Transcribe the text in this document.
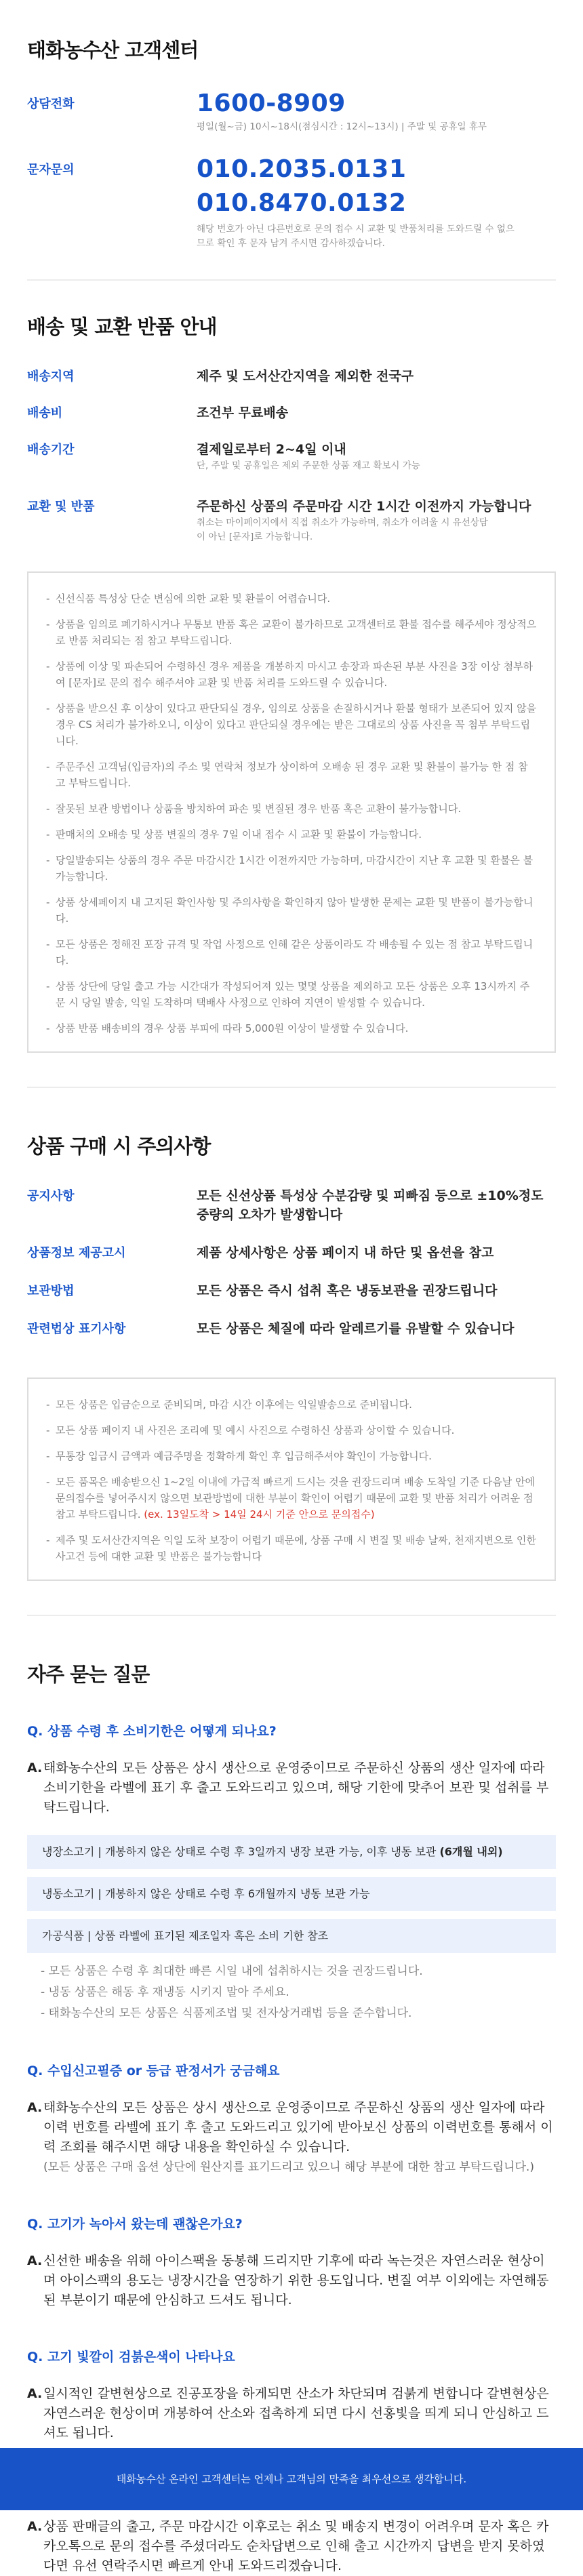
태화농수산 고객센터
상담전화	1600-8909
평일(월~금) 10시~18시(점심시간 : 12시~13시) | 주말 및 공휴일 휴무
문자문의	010.2035.0131
010.8470.0132
해당 번호가 아닌 다른번호로 문의 접수 시 교환 및 반품처리를 도와드릴 수 없으므로 확인 후 문자 남겨 주시면 감사하겠습니다.
배송 및 교환 반품 안내
배송지역	제주 및 도서산간지역을 제외한 전국구
배송비	조건부 무료배송
배송기간	결제일로부터 2~4일 이내
단, 주말 및 공휴일은 제외 주문한 상품 재고 확보시 가능
교환 및 반품	주문하신 상품의 주문마감 시간 1시간 이전까지 가능합니다
취소는 마이페이지에서 직접 취소가 가능하며, 취소가 어려울 시 유선상담이 아닌 [문자]로 가능합니다.
- 신선식품 특성상 단순 변심에 의한 교환 및 환불이 어렵습니다.
- 상품을 임의로 폐기하시거나 무통보 반품 혹은 교환이 불가하므로 고객센터로 환불 접수를 해주세야 정상적으로 반품 처리되는 점 참고 부탁드립니다.
- 상품에 이상 및 파손되어 수령하신 경우 제품을 개봉하지 마시고 송장과 파손된 부분 사진을 3장 이상 첨부하여 [문자]로 문의 접수 해주셔야 교환 및 반품 처리를 도와드릴 수 있습니다.
- 상품을 받으신 후 이상이 있다고 판단되실 경우, 임의로 상품을 손질하시거나 환불 형태가 보존되어 있지 않을 경우 CS 처리가 불가하오니, 이상이 있다고 판단되실 경우에는 받은 그대로의 상품 사진을 꼭 첨부 부탁드립니다.
- 주문주신 고객님(입금자)의 주소 및 연락처 정보가 상이하여 오배송 된 경우 교환 및 환불이 불가능 한 점 참고 부탁드립니다.
- 잘못된 보관 방법이나 상품을 방치하여 파손 및 변질된 경우 반품 혹은 교환이 불가능합니다.
- 판매처의 오배송 및 상품 변질의 경우 7일 이내 접수 시 교환 및 환불이 가능합니다.
- 당일발송되는 상품의 경우 주문 마감시간 1시간 이전까지만 가능하며, 마감시간이 지난 후 교환 및 환불은 불가능합니다.
- 상품 상세페이지 내 고지된 확인사항 및 주의사항을 확인하지 않아 발생한 문제는 교환 및 반품이 불가능합니다.
- 모든 상품은 정해진 포장 규격 및 작업 사정으로 인해 같은 상품이라도 각 배송될 수 있는 점 참고 부탁드립니다.
- 상품 상단에 당일 출고 가능 시간대가 작성되어져 있는 몇몇 상품을 제외하고 모든 상품은 오후 13시까지 주문 시 당일 발송, 익일 도착하며 택배사 사정으로 인하여 지연이 발생할 수 있습니다.
- 상품 반품 배송비의 경우 상품 부피에 따라 5,000원 이상이 발생할 수 있습니다.
상품 구매 시 주의사항
공지사항	모든 신선상품 특성상 수분감량 및 피빠짐 등으로 ±10%정도 중량의 오차가 발생합니다
상품정보 제공고시	제품 상세사항은 상품 페이지 내 하단 및 옵션을 참고
보관방법	모든 상품은 즉시 섭취 혹은 냉동보관을 권장드립니다
관련법상 표기사항	모든 상품은 체질에 따라 알레르기를 유발할 수 있습니다
- 모든 상품은 입금순으로 준비되며, 마감 시간 이후에는 익일발송으로 준비됩니다.
- 모든 상품 페이지 내 사진은 조리예 및 예시 사진으로 수령하신 상품과 상이할 수 있습니다.
- 무통장 입금시 금액과 예금주명을 정확하게 확인 후 입금해주셔야 확인이 가능합니다.
- 모든 품목은 배송받으신 1~2일 이내에 가급적 빠르게 드시는 것을 권장드리며 배송 도착일 기준 다음날 안에 문의접수를 넣어주시지 않으면 보관방법에 대한 부분이 확인이 어렵기 때문에 교환 및 반품 처리가 어려운 점 참고 부탁드립니다. (ex. 13일도착 > 14일 24시 기준 안으로 문의접수)
- 제주 및 도서산간지역은 익일 도착 보장이 어렵기 때문에, 상품 구매 시 변질 및 배송 날짜, 천재지변으로 인한 사고건 등에 대한 교환 및 반품은 불가능합니다
자주 묻는 질문
Q. 상품 수령 후 소비기한은 어떻게 되나요?
A. 태화농수산의 모든 상품은 상시 생산으로 운영중이므로 주문하신 상품의 생산 일자에 따라 소비기한을 라벨에 표기 후 출고 도와드리고 있으며, 해당 기한에 맞추어 보관 및 섭취를 부탁드립니다.
냉장소고기 | 개봉하지 않은 상태로 수령 후 3일까지 냉장 보관 가능, 이후 냉동 보관 (6개월 내외)
냉동소고기 | 개봉하지 않은 상태로 수령 후 6개월까지 냉동 보관 가능
가공식품 | 상품 라벨에 표기된 제조일자 혹은 소비 기한 참조
- 모든 상품은 수령 후 최대한 빠른 시일 내에 섭취하시는 것을 권장드립니다.
- 냉동 상품은 해동 후 재냉동 시키지 말아 주세요.
- 태화농수산의 모든 상품은 식품제조법 및 전자상거래법 등을 준수합니다.
Q. 수입신고필증 or 등급 판정서가 궁금해요
A. 태화농수산의 모든 상품은 상시 생산으로 운영중이므로 주문하신 상품의 생산 일자에 따라 이력 번호를 라벨에 표기 후 출고 도와드리고 있기에 받아보신 상품의 이력번호를 통해서 이력 조회를 해주시면 해당 내용을 확인하실 수 있습니다.
(모든 상품은 구매 옵션 상단에 원산지를 표기드리고 있으니 해당 부분에 대한 참고 부탁드립니다.)
Q. 고기가 녹아서 왔는데 괜찮은가요?
A. 신선한 배송을 위해 아이스팩을 동봉해 드리지만 기후에 따라 녹는것은 자연스러운 현상이며 아이스팩의 용도는 냉장시간을 연장하기 위한 용도입니다. 변질 여부 이외에는 자연해동된 부분이기 때문에 안심하고 드셔도 됩니다.
Q. 고기 빛깔이 검붉은색이 나타나요
A. 일시적인 갈변현상으로 진공포장을 하게되면 산소가 차단되며 검붉게 변합니다 갈변현상은 자연스러운 현상이며 개봉하여 산소와 접촉하게 되면 다시 선홍빛을 띄게 되니 안심하고 드셔도 됩니다.
A. 상품 판매글의 출고, 주문 마감시간 이후로는 취소 및 배송지 변경이 어려우며 문자 혹은 카카오톡으로 문의 접수를 주셨더라도 순차답변으로 인해 출고 시간까지 답변을 받지 못하였다면 유선 연락주시면 빠르게 안내 도와드리겠습니다.
태화농수산 온라인 고객센터는 언제나 고객님의 만족을 최우선으로 생각합니다.
